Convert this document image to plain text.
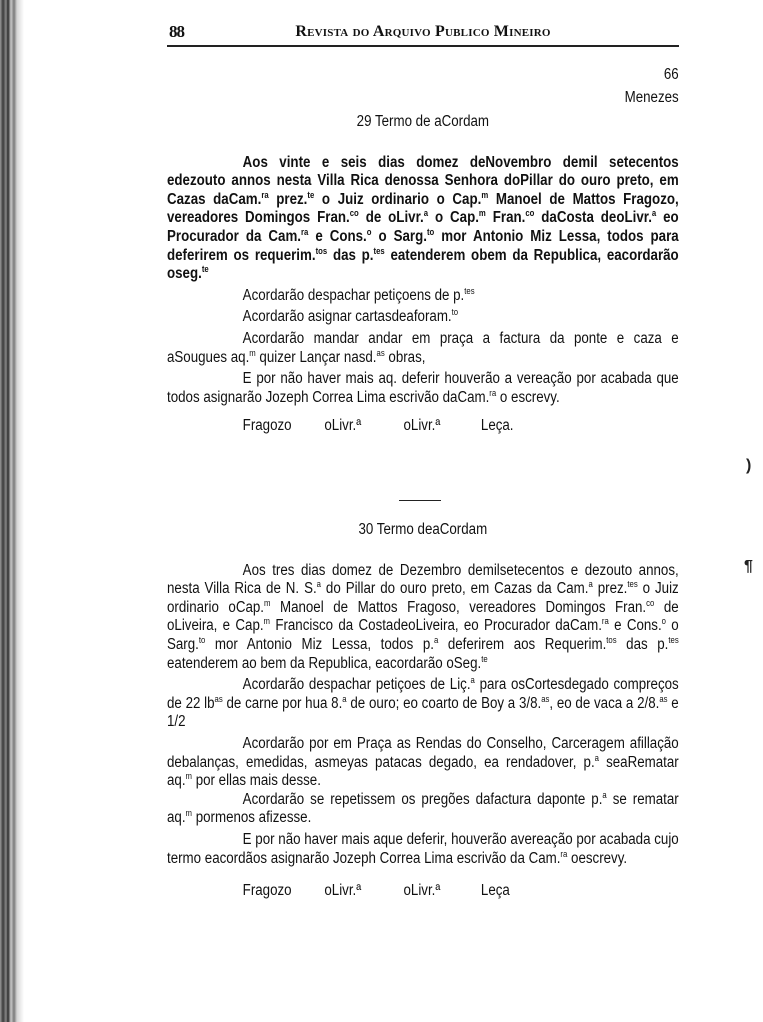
88	Revista do Arquivo Publico Mineiro
66
Menezes
29 Termo de aCordam

Aos vinte e seis dias domez deNovembro demil setecentos edezouto annos nesta Villa Rica denossa Senhora doPillar do ouro preto, em Cazas daCam.$^{ra}$ prez.$^{te}$ o Juiz ordinario o Cap.$^m$ Manoel de Mattos Fragozo, vereadores Domingos Fran.$^{co}$ de oLivr.$^a$ o Cap.$^m$ Fran.$^{co}$ daCosta deoLivr.$^a$ eo Procurador da Cam.$^{ra}$ e Cons.$^o$ o Sarg.$^{to}$ mor Antonio Miz Lessa, todos para deferirem os requerim.$^{tos}$ das p.$^{tes}$ eatenderem obem da Republica, eacordarão oseg.$^{te}$

Acordarão despachar petiçoens de p.$^{tes}$

Acordarão asignar cartasdeaforam.$^{to}$

Acordarão mandar andar em praça a factura da ponte e caza e aSougues aq.$^m$ quizer Lançar nasd.$^{as}$ obras,

E por não haver mais aq. deferir houverão a vereação por acabada que todos asignarão Jozeph Correa Lima escrivão daCam.$^{ra}$ o escrevy.

Fragozo	oLivr.ª	oLivr.ª	Leça.
30 Termo deaCordam

Aos tres dias domez de Dezembro demilsetecentos e dezouto annos, nesta Villa Rica de N. S.$^a$ do Pillar do ouro preto, em Cazas da Cam.$^a$ prez.$^{tes}$ o Juiz ordinario oCap.$^m$ Manoel de Mattos Fragoso, vereadores Domingos Fran.$^{co}$ de oLiveira, e Cap.$^m$ Francisco da CostadeoLiveira, eo Procurador daCam.$^{ra}$ e Cons.$^o$ o Sarg.$^{to}$ mor Antonio Miz Lessa, todos p.$^a$ deferirem aos Requerim.$^{tos}$ das p.$^{tes}$ eatenderem ao bem da Republica, eacordarão oSeg.$^{te}$

Acordarão despachar petiçoes de Liç.$^a$ para osCortesdegado compreços de 22 $lb^{as}$ de carne por hua 8.$^a$ de ouro; eo coarto de Boy a 3/8.$^{as}$, eo de vaca a 2/8.$^{as}$ e 1/2

Acordarão por em Praça as Rendas do Conselho, Carceragem afillação debalanças, emedidas, asmeyas patacas degado, ea rendadover, p.$^a$ seaRematar aq.$^m$ por ellas mais desse.

Acordarão se repetissem os pregões dafactura daponte p.$^a$ se rematar aq.$^m$ pormenos afizesse.

E por não haver mais aque deferir, houverão avereação por acabada cujo termo eacordãos asignarão Jozeph Correa Lima escrivão da Cam.$^{ra}$ oescrevy.

Fragozo	oLivr.ª	oLivr.ª	Leça
)
¶
